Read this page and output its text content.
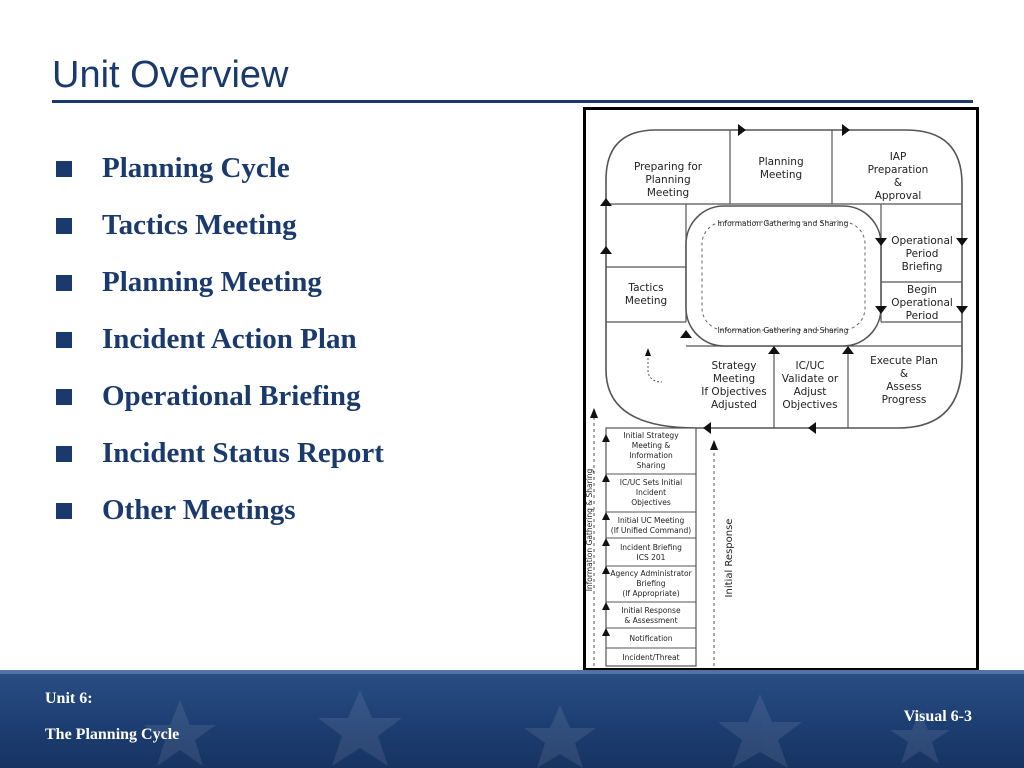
Unit Overview
Planning Cycle
Tactics Meeting
Planning Meeting
Incident Action Plan
Operational Briefing
Incident Status Report
Other Meetings
Preparing for
Planning
Meeting
Planning
Meeting
IAP
Preparation
&
Approval
Operational
Period
Briefing
Begin
Operational
Period
Tactics
Meeting
Strategy
Meeting
If Objectives
Adjusted
IC/UC
Validate or
Adjust
Objectives
Execute Plan
&
Assess
Progress
Information Gathering and Sharing
Information Gathering and Sharing
Initial Strategy
Meeting &
Information
Sharing
IC/UC Sets Initial
Incident
Objectives
Initial UC Meeting
(If Unified Command)
Incident Briefing
ICS 201
Agency Administrator
Briefing
(If Appropriate)
Initial Response
& Assessment
Notification
Incident/Threat
Information Gathering & Sharing	Initial Response
Unit 6:
The Planning Cycle
Visual 6-3
